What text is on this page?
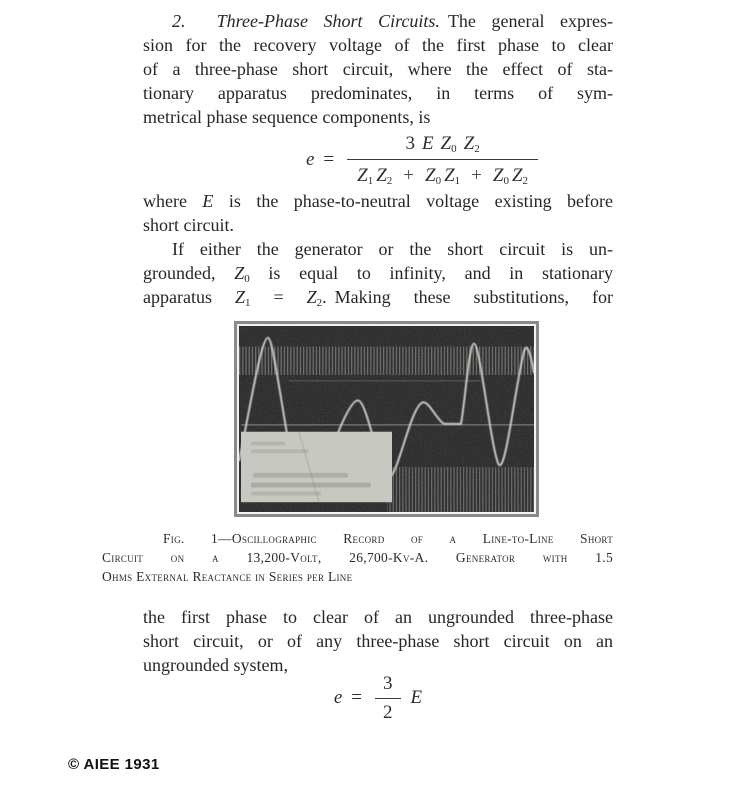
2.  Three-Phase Short Circuits. The general expres-
sion for the recovery voltage of the first phase to clear
of a three-phase short circuit, where the effect of sta-
tionary apparatus predominates, in terms of sym-
metrical phase sequence components, is
$e = \frac{3 E Z_0 Z_2}{Z_1 Z_2 + Z_0 Z_1 + Z_0 Z_2}$
where E is the phase-to-neutral voltage existing before
short circuit.
If either the generator or the short circuit is un-
grounded, $Z_0$ is equal to infinity, and in stationary
apparatus $Z_1 = Z_2$. Making these substitutions, for
Fig. 1—Oscillographic Record of a Line-to-Line Short
Circuit on a 13,200-Volt, 26,700-Kv-A. Generator with 1.5
Ohms External Reactance in Series per Line
the first phase to clear of an ungrounded three-phase
short circuit, or of any three-phase short circuit on an
ungrounded system,
$e = \frac{3}{2}$ E
© AIEE 1931
